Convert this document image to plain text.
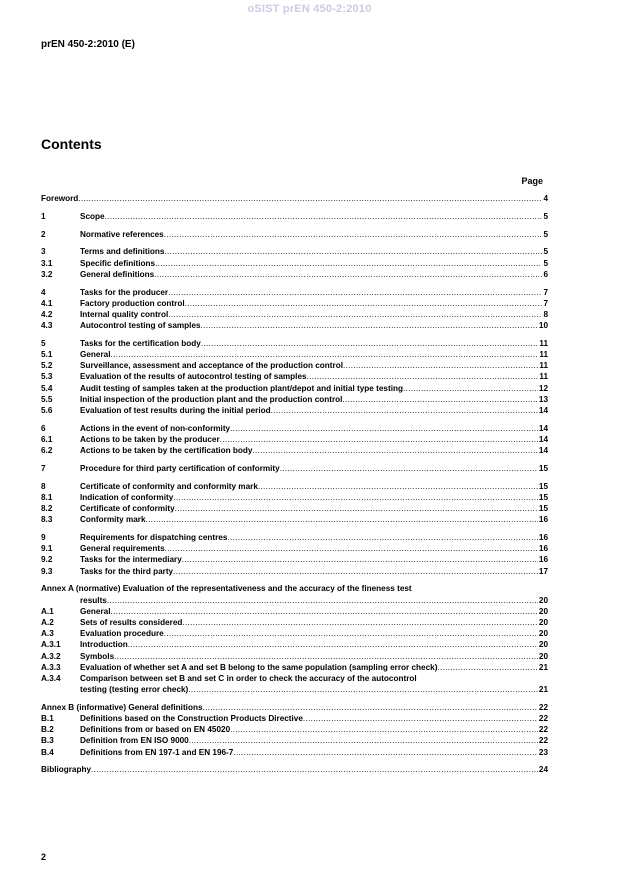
oSIST prEN 450-2:2010
prEN 450-2:2010 (E)
Contents
Page
Foreword .....	4
1	Scope .....	5
2	Normative references .....	5
3	Terms and definitions .....	5
3.1	Specific definitions .....	5
3.2	General definitions .....	6
4	Tasks for the producer .....	7
4.1	Factory production control .....	7
4.2	Internal quality control .....	8
4.3	Autocontrol testing of samples .....	10
5	Tasks for the certification body .....	11
5.1	General .....	11
5.2	Surveillance, assessment and acceptance of the production control .....	11
5.3	Evaluation of the results of autocontrol testing of samples .....	11
5.4	Audit testing of samples taken at the production plant/depot and initial type testing .....	12
5.5	Initial inspection of the production plant and the production control .....	13
5.6	Evaluation of test results during the initial period .....	14
6	Actions in the event of non-conformity .....	14
6.1	Actions to be taken by the producer .....	14
6.2	Actions to be taken by the certification body .....	14
7	Procedure for third party certification of conformity .....	15
8	Certificate of conformity and conformity mark .....	15
8.1	Indication of conformity .....	15
8.2	Certificate of conformity .....	15
8.3	Conformity mark .....	16
9	Requirements for dispatching centres .....	16
9.1	General requirements .....	16
9.2	Tasks for the intermediary .....	16
9.3	Tasks for the third party .....	17
Annex A (normative) Evaluation of the representativeness and the accuracy of the fineness test
results .....	20
A.1	General .....	20
A.2	Sets of results considered .....	20
A.3	Evaluation procedure .....	20
A.3.1	Introduction .....	20
A.3.2	Symbols .....	20
A.3.3	Evaluation of whether set A and set B belong to the same population (sampling error check) .....	21
A.3.4	Comparison between set B and set C in order to check the accuracy of the autocontrol
testing (testing error check) .....	21
Annex B (informative) General definitions .....	22
B.1	Definitions based on the Construction Products Directive .....	22
B.2	Definitions from or based on EN 45020 .....	22
B.3	Definition from EN ISO 9000 .....	22
B.4	Definitions from EN 197-1 and EN 196-7 .....	23
Bibliography .....	24
2
